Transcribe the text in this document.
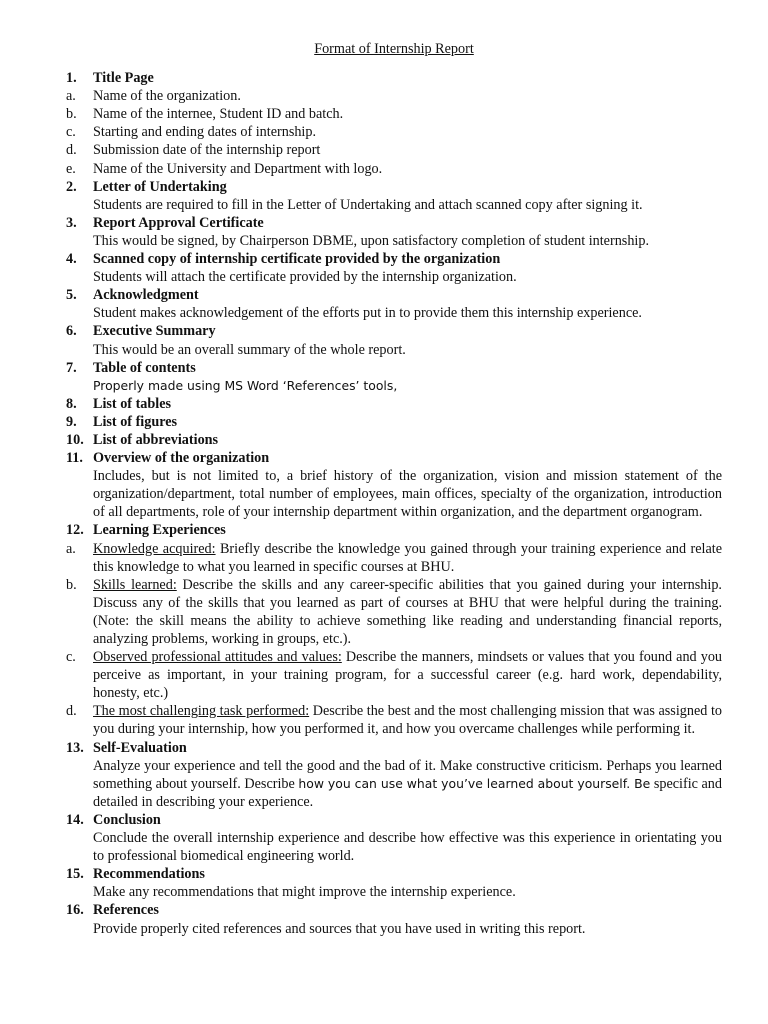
Format of Internship Report
1. Title Page
a. Name of the organization.
b. Name of the internee, Student ID and batch.
c. Starting and ending dates of internship.
d. Submission date of the internship report
e. Name of the University and Department with logo.
2. Letter of Undertaking
Students are required to fill in the Letter of Undertaking and attach scanned copy after signing it.
3. Report Approval Certificate
This would be signed, by Chairperson DBME, upon satisfactory completion of student internship.
4. Scanned copy of internship certificate provided by the organization
Students will attach the certificate provided by the internship organization.
5. Acknowledgment
Student makes acknowledgement of the efforts put in to provide them this internship experience.
6. Executive Summary
This would be an overall summary of the whole report.
7. Table of contents
Properly made using MS Word ‘References’ tools,
8. List of tables
9. List of figures
10. List of abbreviations
11. Overview of the organization
Includes, but is not limited to, a brief history of the organization, vision and mission statement of the organization/department, total number of employees, main offices, specialty of the organization, introduction of all departments, role of your internship department within organization, and the department organogram.
12. Learning Experiences
a. Knowledge acquired: Briefly describe the knowledge you gained through your training experience and relate this knowledge to what you learned in specific courses at BHU.
b. Skills learned: Describe the skills and any career-specific abilities that you gained during your internship. Discuss any of the skills that you learned as part of courses at BHU that were helpful during the training. (Note: the skill means the ability to achieve something like reading and understanding financial reports, analyzing problems, working in groups, etc.).
c. Observed professional attitudes and values: Describe the manners, mindsets or values that you found and you perceive as important, in your training program, for a successful career (e.g. hard work, dependability, honesty, etc.)
d. The most challenging task performed: Describe the best and the most challenging mission that was assigned to you during your internship, how you performed it, and how you overcame challenges while performing it.
13. Self-Evaluation
Analyze your experience and tell the good and the bad of it. Make constructive criticism. Perhaps you learned something about yourself. Describe how you can use what you’ve learned about yourself. Be specific and detailed in describing your experience.
14. Conclusion
Conclude the overall internship experience and describe how effective was this experience in orientating you to professional biomedical engineering world.
15. Recommendations
Make any recommendations that might improve the internship experience.
16. References
Provide properly cited references and sources that you have used in writing this report.
